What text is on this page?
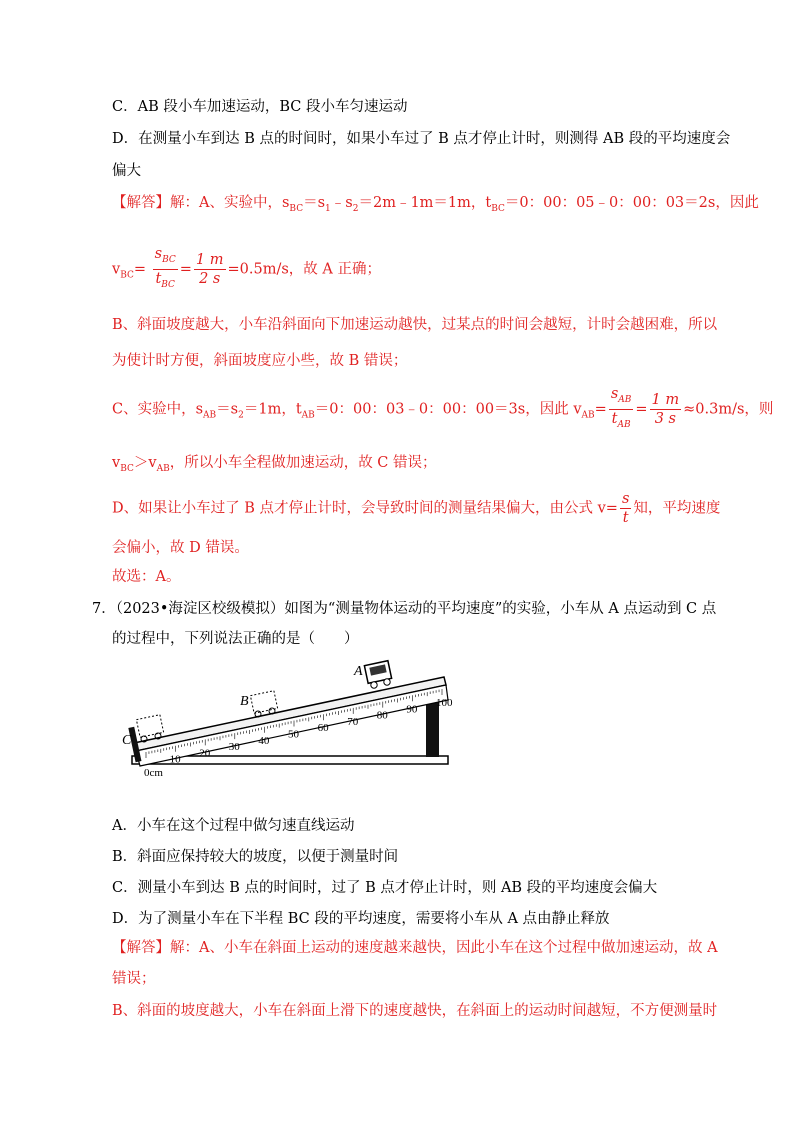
C．AB 段小车加速运动，BC 段小车匀速运动
D．在测量小车到达 B 点的时间时，如果小车过了 B 点才停止计时，则测得 AB 段的平均速度会
偏大
【解答】解：A、实验中，$s_{BC}=s_1﹣s_2=2m﹣1m=1m$，$t_{BC}=0$：00：05﹣0：00：03＝2s，因此
$v_{BC}= \frac{s_{BC}}{t_{BC}} = \frac{1 m}{2 s} =0.5m/s$，故 A 正确；
B、斜面坡度越大，小车沿斜面向下加速运动越快，过某点的时间会越短，计时会越困难，所以
为使计时方便，斜面坡度应小些，故 B 错误；
C、实验中，$s_{AB}=s_2=1m$，$t_{AB}=0$：00：03﹣0：00：00＝3s，因此 $v_{AB}= \frac{s_{AB}}{t_{AB}} = \frac{1 m}{3 s} \approx 0.3m/s$，则
$v_{BC}>v_{AB}$，所以小车全程做加速运动，故 C 错误；
D、如果让小车过了 B 点才停止计时，会导致时间的测量结果偏大，由公式 $v= \frac{s}{t}$ 知，平均速度
会偏小，故 D 错误。
故选：A。
7．（2023•海淀区校级模拟）如图为“测量物体运动的平均速度”的实验，小车从 A 点运动到 C 点
的过程中，下列说法正确的是（　　）
A
B
C
0cm
10
20
30
40
50
60
70
80
90
100
A．小车在这个过程中做匀速直线运动
B．斜面应保持较大的坡度，以便于测量时间
C．测量小车到达 B 点的时间时，过了 B 点才停止计时，则 AB 段的平均速度会偏大
D．为了测量小车在下半程 BC 段的平均速度，需要将小车从 A 点由静止释放
【解答】解：A、小车在斜面上运动的速度越来越快，因此小车在这个过程中做加速运动，故 A
错误；
B、斜面的坡度越大，小车在斜面上滑下的速度越快，在斜面上的运动时间越短，不方便测量时
